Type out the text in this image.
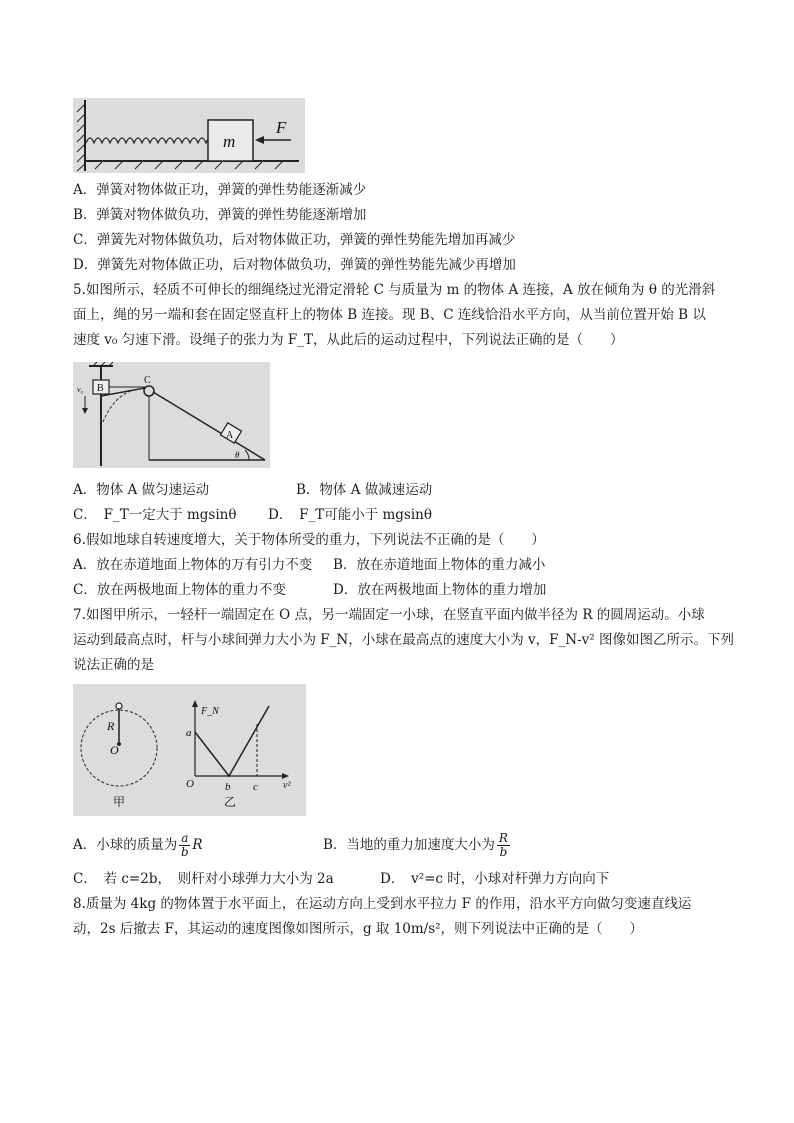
m
F
A．弹簧对物体做正功，弹簧的弹性势能逐渐减少
B．弹簧对物体做负功，弹簧的弹性势能逐渐增加
C．弹簧先对物体做负功，后对物体做正功，弹簧的弹性势能先增加再减少
D．弹簧先对物体做正功，后对物体做负功，弹簧的弹性势能先减少再增加
5.如图所示，轻质不可伸长的细绳绕过光滑定滑轮 C 与质量为 m 的物体 A 连接，A 放在倾角为 θ 的光滑斜
面上，绳的另一端和套在固定竖直杆上的物体 B 连接。现 B、C 连线恰沿水平方向，从当前位置开始 B 以
速度 v₀ 匀速下滑。设绳子的张力为 F_T，从此后的运动过程中，下列说法正确的是（　　）
B
v₀
C
A
θ
A．物体 A 做匀速运动	B．物体 A 做减速运动
C．　F_T一定大于 mgsinθ D．　F_T可能小于 mgsinθ
6.假如地球自转速度增大，关于物体所受的重力，下列说法不正确的是（　　）
A．放在赤道地面上物体的万有引力不变 B．放在赤道地面上物体的重力减小
C．放在两极地面上物体的重力不变	D．放在两极地面上物体的重力增加
7.如图甲所示，一轻杆一端固定在 O 点，另一端固定一小球，在竖直平面内做半径为 R 的圆周运动。小球
运动到最高点时，杆与小球间弹力大小为 F_N，小球在最高点的速度大小为 v，F_N-v² 图像如图乙所示。下列
说法正确的是
R
O
甲
F_N
v²
O
a
b c
乙
A．小球的质量为 $\frac{a}{b}$ R	B．当地的重力加速度大小为 $\frac{R}{b}$
C．　若 c=2b，　则杆对小球弹力大小为 2a	D．　v²=c 时，小球对杆弹力方向向下
8.质量为 4kg 的物体置于水平面上，在运动方向上受到水平拉力 F 的作用，沿水平方向做匀变速直线运
动，2s 后撤去 F，其运动的速度图像如图所示，g 取 10m/s²，则下列说法中正确的是（　　）
